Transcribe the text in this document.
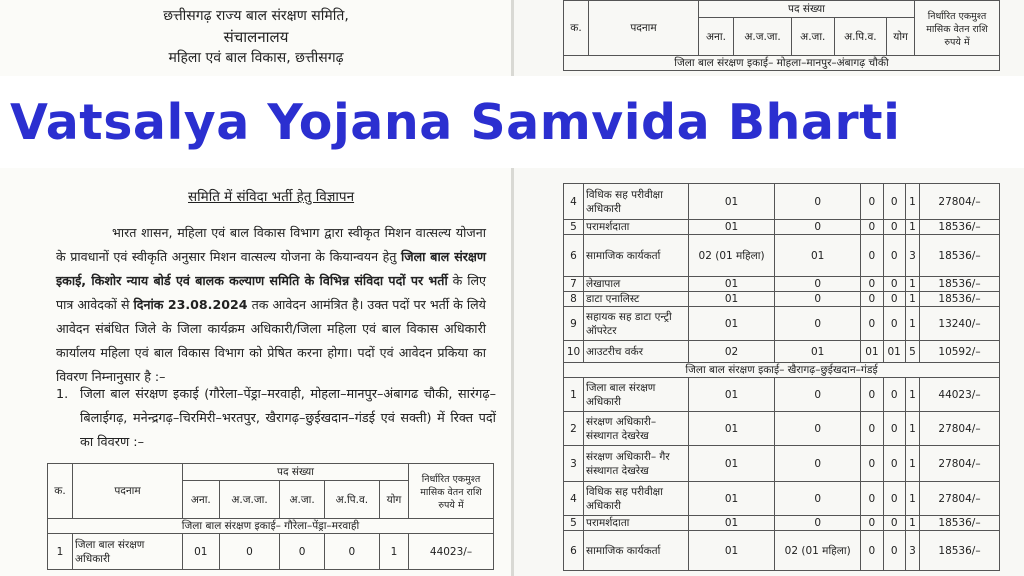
छत्तीसगढ़ राज्य बाल संरक्षण समिति,
संचालनालय
महिला एवं बाल विकास, छत्तीसगढ़
समिति में संविदा भर्ती हेतु विज्ञापन
भारत शासन, महिला एवं बाल विकास विभाग द्वारा स्वीकृत मिशन वात्सल्य योजना के प्रावधानों एवं स्वीकृति अनुसार मिशन वात्सल्य योजना के कियान्वयन हेतु जिला बाल संरक्षण इकाई, किशोर न्याय बोर्ड एवं बालक कल्याण समिति के विभिन्न संविदा पदों पर भर्ती के लिए पात्र आवेदकों से दिनांक 23.08.2024 तक आवेदन आमंत्रित है। उक्त पदों पर भर्ती के लिये आवेदन संबंधित जिले के जिला कार्यक्रम अधिकारी/जिला महिला एवं बाल विकास अधिकारी कार्यालय महिला एवं बाल विकास विभाग को प्रेषित करना होगा। पदों एवं आवेदन प्रकिया का विवरण निम्नानुसार है :–
1. जिला बाल संरक्षण इकाई (गौरेला–पेंड्रा–मरवाही, मोहला–मानपुर–अंबागढ चौकी, सारंगढ़–बिलाईगढ़, मनेन्द्रगढ़–चिरमिरी–भरतपुर, खैरागढ़–छुईखदान–गंडई एवं सक्ती) में रिक्त पदों का विवरण :–
क.	पदनाम	पद संख्या					निर्धारित एकमुश्त मासिक वेतन राशि रुपये में
		अना.	अ.ज.जा.	अ.जा.	अ.पि.व.	योग	
जिला बाल संरक्षण इकाई– गौरेला–पेंड्रा–मरवाही							
1	जिला बाल संरक्षण अधिकारी	01	0	0	0	1	44023/–
क.	पदनाम	पद संख्या					निर्धारित एकमुश्त मासिक वेतन राशि रुपये में
		अना.	अ.ज.जा.	अ.जा.	अ.पि.व.	योग	
जिला बाल संरक्षण इकाई– मोहला–मानपुर–अंबागढ़ चौकी							
4	विधिक सह परीवीक्षा अधिकारी	01	0	0	0	1	27804/–
5	परामर्शदाता	01	0	0	0	1	18536/–
6	सामाजिक कार्यकर्ता	02 (01 महिला)	01	0	0	3	18536/–
7	लेखापाल	01	0	0	0	1	18536/–
8	डाटा एनालिस्ट	01	0	0	0	1	18536/–
9	सहायक सह डाटा एन्ट्री ऑपरेटर	01	0	0	0	1	13240/–
10	आउटरीच वर्कर	02	01	01	01	5	10592/–
जिला बाल संरक्षण इकाई– खैरागढ़–छुईखदान–गंडई							
1	जिला बाल संरक्षण अधिकारी	01	0	0	0	1	44023/–
2	संरक्षण अधिकारी– संस्थागत देखरेख	01	0	0	0	1	27804/–
3	संरक्षण अधिकारी– गैर संस्थागत देखरेख	01	0	0	0	1	27804/–
4	विधिक सह परीवीक्षा अधिकारी	01	0	0	0	1	27804/–
5	परामर्शदाता	01	0	0	0	1	18536/–
6	सामाजिक कार्यकर्ता	01	02 (01 महिला)	0	0	3	18536/–
Vatsalya Yojana Samvida Bharti
